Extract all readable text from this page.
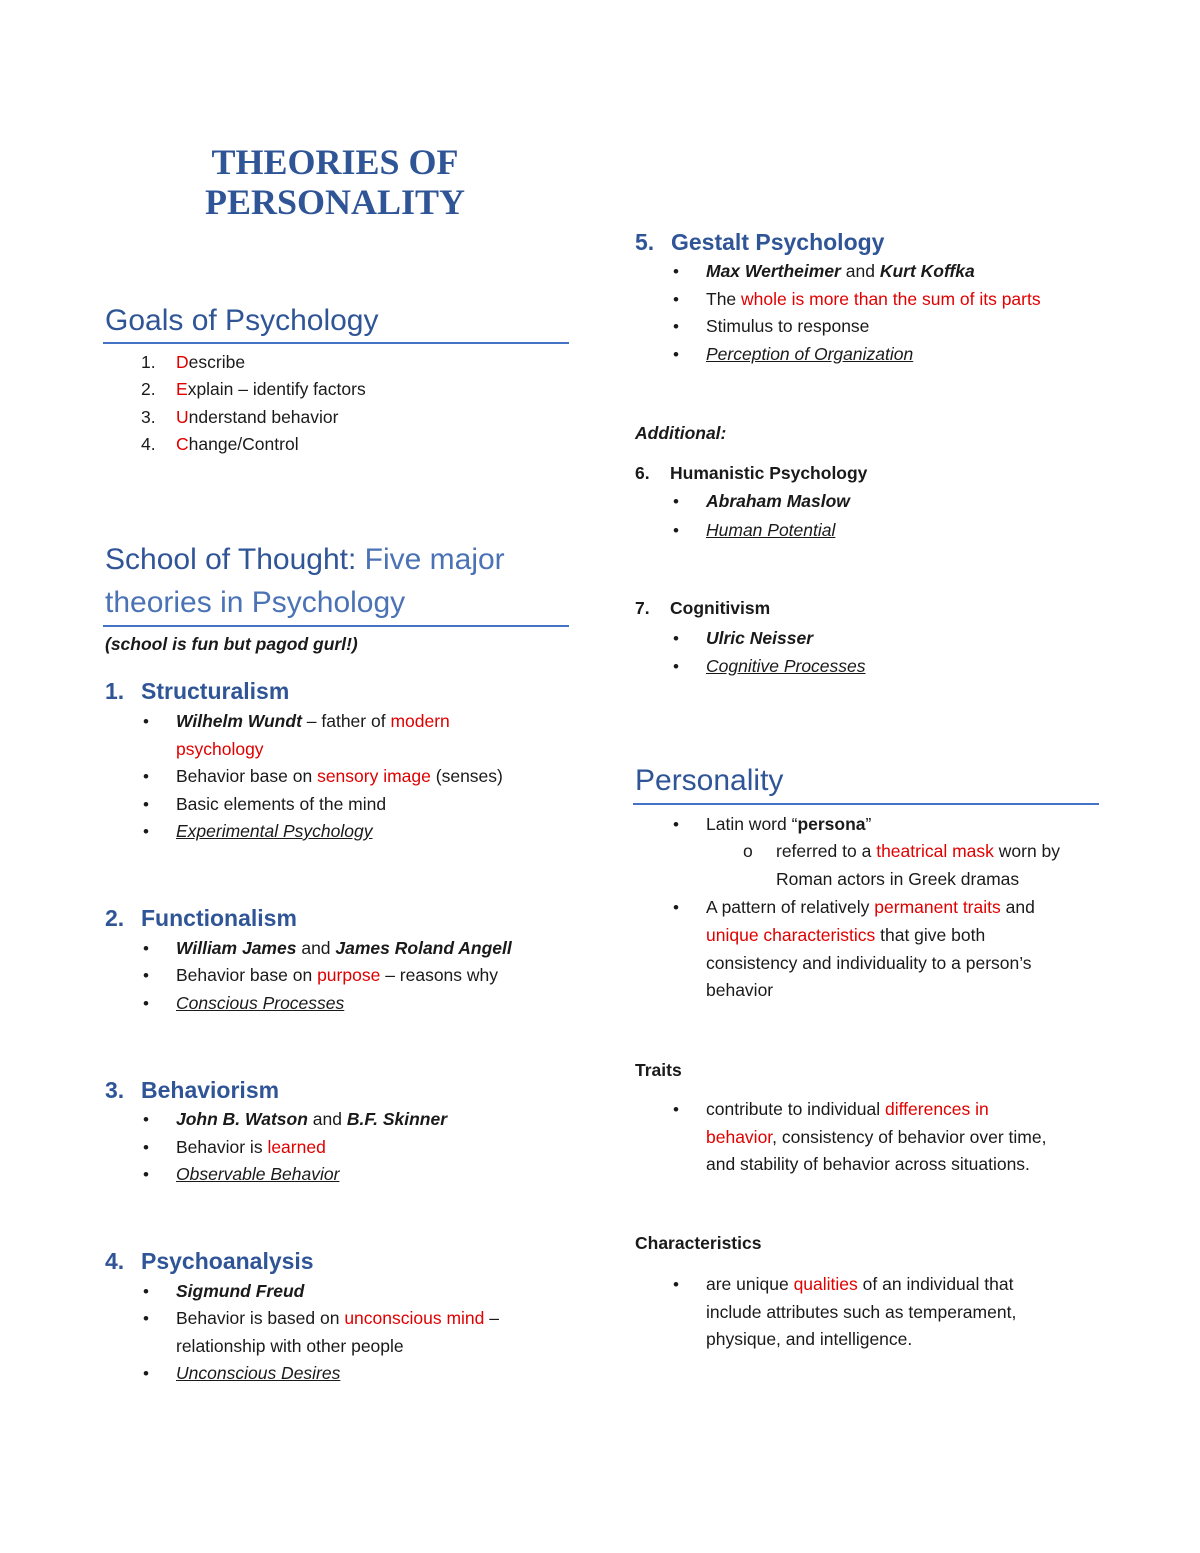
THEORIES OF
PERSONALITY
Goals of Psychology
1. Describe
2. Explain – identify factors
3. Understand behavior
4. Change/Control
School of Thought: Five major
theories in Psychology
(school is fun but pagod gurl!)
1. Structuralism
• Wilhelm Wundt – father of modern
psychology
• Behavior base on sensory image (senses)
• Basic elements of the mind
• Experimental Psychology
2. Functionalism
• William James and James Roland Angell
• Behavior base on purpose – reasons why
• Conscious Processes
3. Behaviorism
• John B. Watson and B.F. Skinner
• Behavior is learned
• Observable Behavior
4. Psychoanalysis
• Sigmund Freud
• Behavior is based on unconscious mind –
relationship with other people
• Unconscious Desires
5. Gestalt Psychology
• Max Wertheimer and Kurt Koffka
• The whole is more than the sum of its parts
• Stimulus to response
• Perception of Organization
Additional:
6. Humanistic Psychology
• Abraham Maslow
• Human Potential
7. Cognitivism
• Ulric Neisser
• Cognitive Processes
Personality
• Latin word “persona”
o referred to a theatrical mask worn by
Roman actors in Greek dramas
• A pattern of relatively permanent traits and
unique characteristics that give both
consistency and individuality to a person’s
behavior
Traits
• contribute to individual differences in
behavior, consistency of behavior over time,
and stability of behavior across situations.
Characteristics
• are unique qualities of an individual that
include attributes such as temperament,
physique, and intelligence.
